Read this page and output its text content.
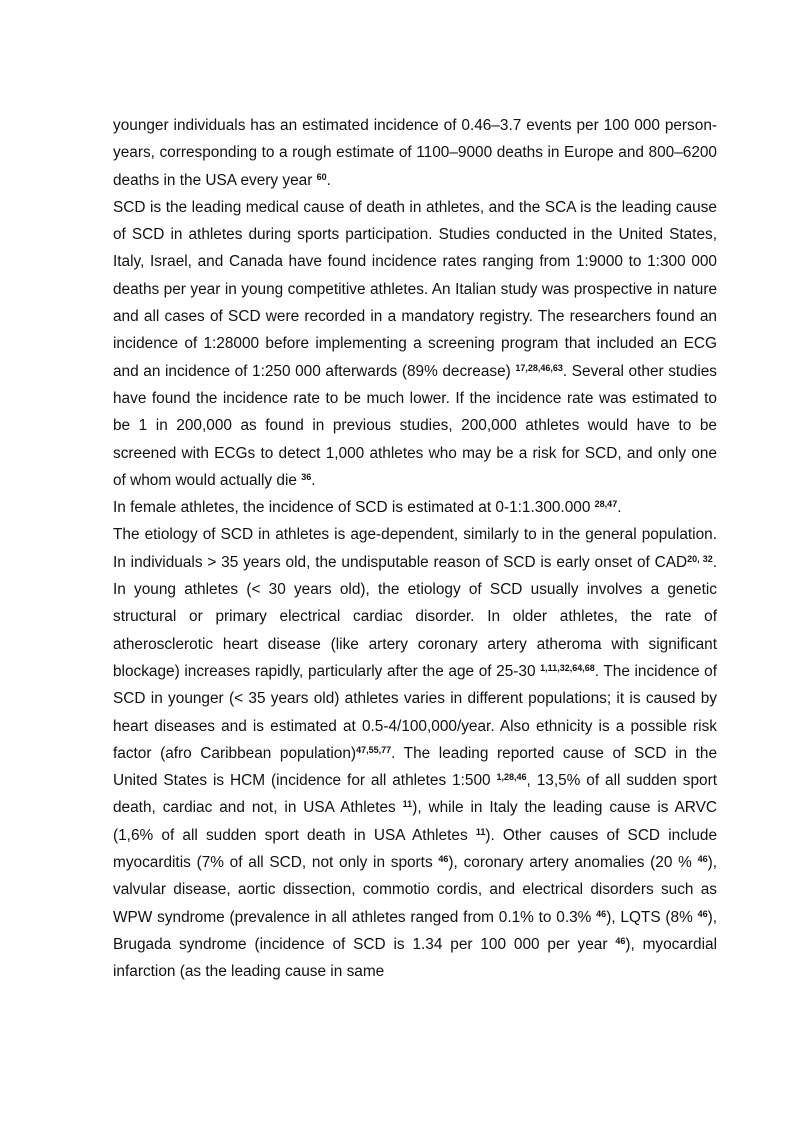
younger individuals has an estimated incidence of 0.46–3.7 events per 100 000 person-years, corresponding to a rough estimate of 1100–9000 deaths in Europe and 800–6200 deaths in the USA every year $^{60}$.

SCD is the leading medical cause of death in athletes, and the SCA is the leading cause of SCD in athletes during sports participation. Studies conducted in the United States, Italy, Israel, and Canada have found incidence rates ranging from 1:9000 to 1:300 000 deaths per year in young competitive athletes. An Italian study was prospective in nature and all cases of SCD were recorded in a mandatory registry. The researchers found an incidence of 1:28000 before implementing a screening program that included an ECG and an incidence of 1:250 000 afterwards (89% decrease) $^{17,28,46,63}$. Several other studies have found the incidence rate to be much lower. If the incidence rate was estimated to be 1 in 200,000 as found in previous studies, 200,000 athletes would have to be screened with ECGs to detect 1,000 athletes who may be a risk for SCD, and only one of whom would actually die $^{36}$.

In female athletes, the incidence of SCD is estimated at 0-1:1.300.000 $^{28,47}$.

The etiology of SCD in athletes is age-dependent, similarly to in the general population. In individuals > 35 years old, the undisputable reason of SCD is early onset of CAD$^{20, 32}$. In young athletes (< 30 years old), the etiology of SCD usually involves a genetic structural or primary electrical cardiac disorder. In older athletes, the rate of atherosclerotic heart disease (like artery coronary artery atheroma with significant blockage) increases rapidly, particularly after the age of 25-30 $^{1,11,32,64,68}$. The incidence of SCD in younger (< 35 years old) athletes varies in different populations; it is caused by heart diseases and is estimated at 0.5-4/100,000/year. Also ethnicity is a possible risk factor (afro Caribbean population)$^{47,55,77}$. The leading reported cause of SCD in the United States is HCM (incidence for all athletes 1:500 $^{1,28,46}$, 13,5% of all sudden sport death, cardiac and not, in USA Athletes $^{11}$), while in Italy the leading cause is ARVC (1,6% of all sudden sport death in USA Athletes $^{11}$). Other causes of SCD include myocarditis (7% of all SCD, not only in sports $^{46}$), coronary artery anomalies (20 % $^{46}$), valvular disease, aortic dissection, commotio cordis, and electrical disorders such as WPW syndrome (prevalence in all athletes ranged from 0.1% to 0.3% $^{46}$), LQTS (8% $^{46}$), Brugada syndrome (incidence of SCD is 1.34 per 100 000 per year $^{46}$), myocardial infarction (as the leading cause in same
